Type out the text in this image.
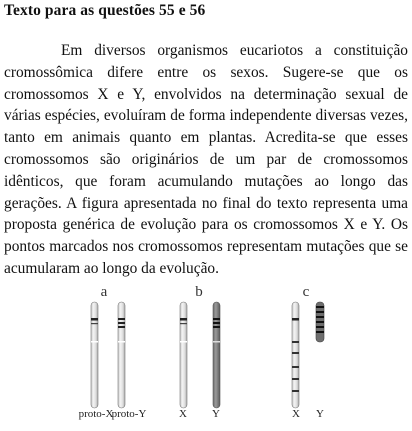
Texto para as questões 55 e 56

Em diversos organismos eucariotos a constituição cromossômica difere entre os sexos. Sugere-se que os cromossomos X e Y, envolvidos na determinação sexual de várias espécies, evoluíram de forma independente diversas vezes, tanto em animais quanto em plantas. Acredita-se que esses cromossomos são originários de um par de cromossomos idênticos, que foram acumulando mutações ao longo das gerações. A figura apresentada no final do texto representa uma proposta genérica de evolução para os cromossomos X e Y. Os pontos marcados nos cromossomos representam mutações que se acumularam ao longo da evolução.

a
proto-X
proto-Y
b
X Y
c
X Y
